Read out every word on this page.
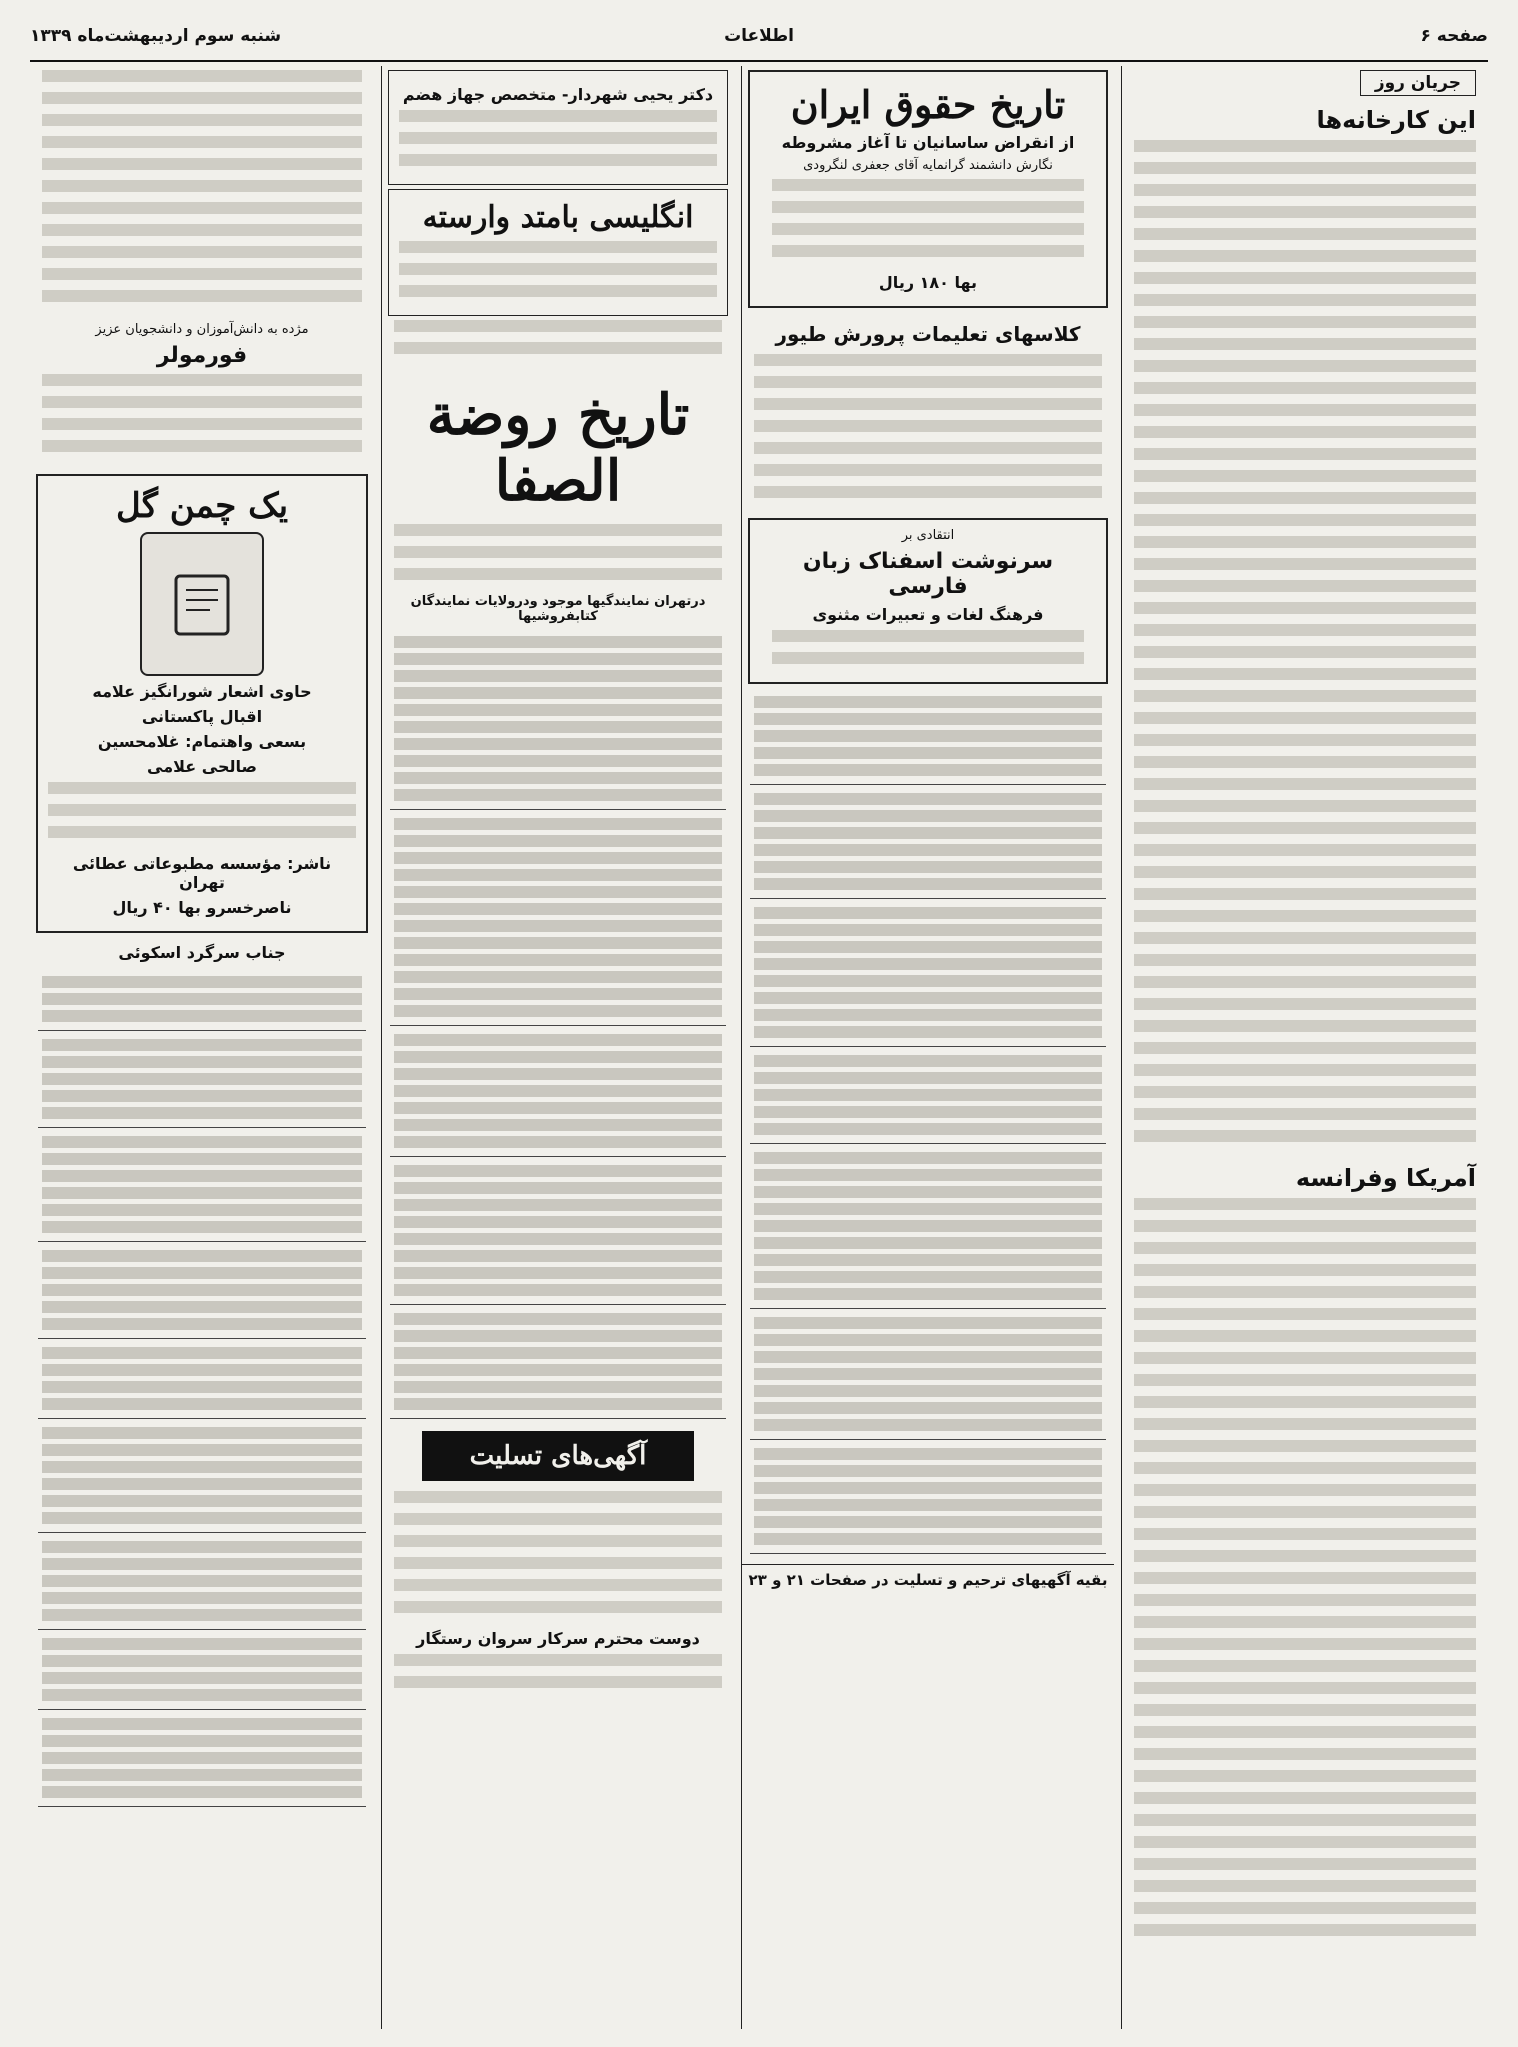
صفحه ۶
اطلاعات
شنبه سوم اردیبهشت‌ماه ۱۳۳۹
جریان روز
این کارخانه‌ها
آمریکا وفرانسه
تاریخ حقوق ایران
از انقراض ساسانیان تا آغاز مشروطه
نگارش دانشمند گرانمایه آقای جعفری لنگرودی
بها ۱۸۰ ریال
کلاسهای تعلیمات پرورش طیور
انتقادی بر
سرنوشت اسفناک زبان فارسی
فرهنگ لغات و تعبیرات مثنوی
بقیه آگهیهای ترحیم و تسلیت در صفحات ۲۱ و ۲۳
دکتر یحیی شهردار- متخصص جهاز هضم
انگلیسی بامتد وارسته
تاریخ روضة الصفا
درتهران نمایندگیها موجود ودرولایات نمایندگان کتابفروشیها
آگهی‌های تسلیت
دوست محترم سرکار سروان رستگار
مژده به دانش‌آموزان و دانشجویان عزیز
فورمولر
یک چمن گل
حاوی اشعار شورانگیز علامه
اقبال پاکستانی
بسعی واهتمام: غلامحسین
صالحی علامی
ناشر: مؤسسه مطبوعاتی عطائی تهران
ناصرخسرو بها ۴۰ ریال
جناب سرگرد اسکوئی
